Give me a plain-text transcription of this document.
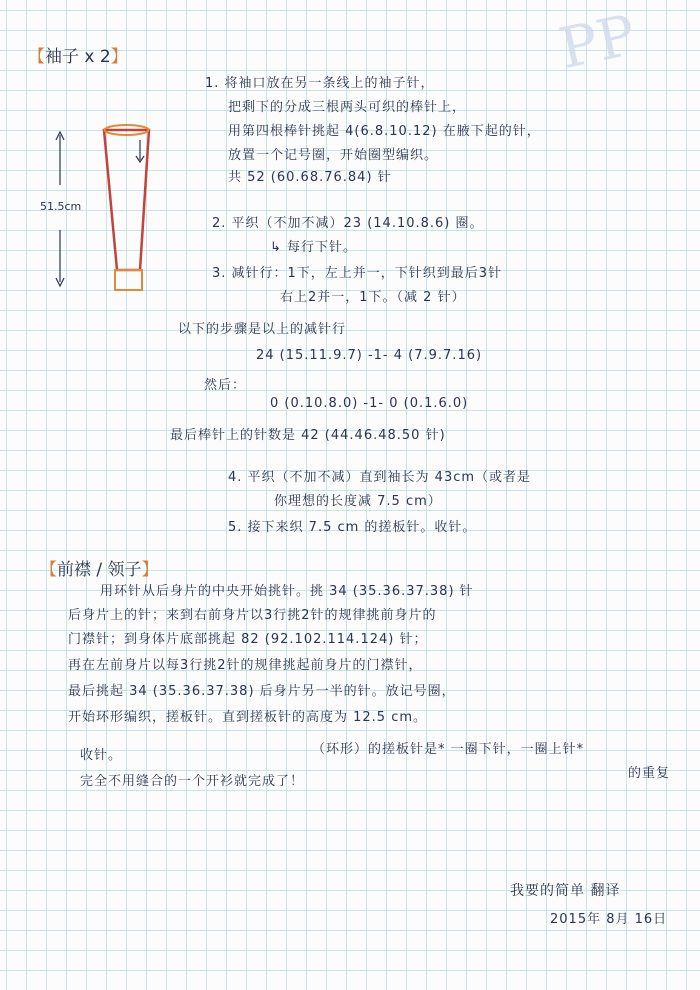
PP
【袖子 x 2】
51.5cm
1. 将袖口放在另一条线上的袖子针，
把剩下的分成三根两头可织的棒针上，
用第四根棒针挑起 4(6.8.10.12) 在腋下起的针，
放置一个记号圈，开始圈型编织。
共 52 (60.68.76.84) 针
2. 平织（不加不减）23 (14.10.8.6) 圈。
↳ 每行下针。
3. 减针行：1下，左上并一，下针织到最后3针
右上2并一，1下。（减 2 针）
以下的步骤是以上的减针行
24 (15.11.9.7) -1- 4 (7.9.7.16)
然后：
0 (0.10.8.0) -1- 0 (0.1.6.0)
最后棒针上的针数是 42 (44.46.48.50 针)
4. 平织（不加不减）直到袖长为 43cm（或者是
你理想的长度减 7.5 cm）
5. 接下来织 7.5 cm 的搓板针。收针。
【前襟 / 领子】
用环针从后身片的中央开始挑针。挑 34 (35.36.37.38) 针
后身片上的针；来到右前身片以3行挑2针的规律挑前身片的
门襟针；到身体片底部挑起 82 (92.102.114.124) 针；
再在左前身片以每3行挑2针的规律挑起前身片的门襟针，
最后挑起 34 (35.36.37.38) 后身片另一半的针。放记号圈，
开始环形编织，搓板针。直到搓板针的高度为 12.5 cm。
（环形）的搓板针是* 一圈下针，一圈上针*
的重复
收针。
完全不用缝合的一个开衫就完成了！
我要的简单 翻译
2015年 8月 16日
